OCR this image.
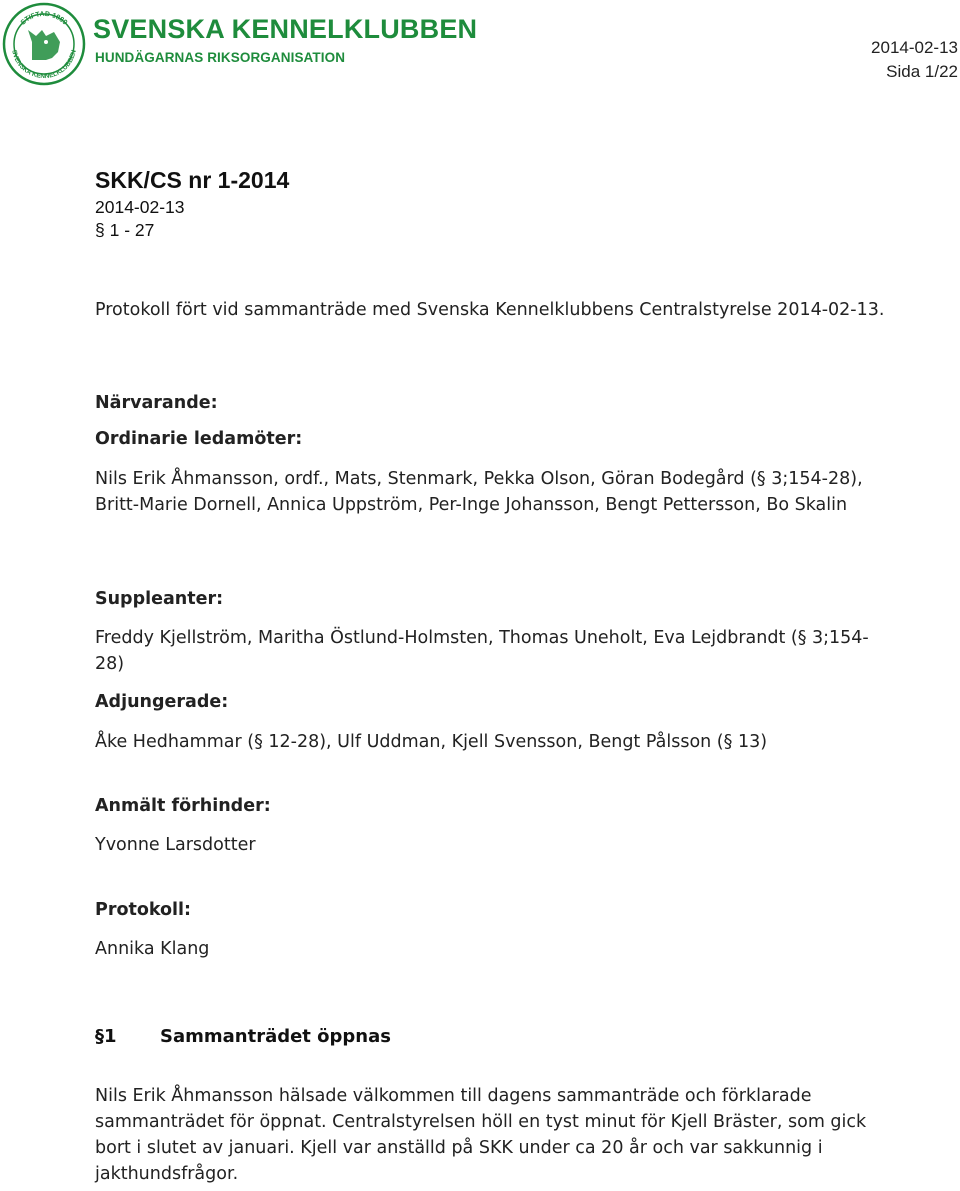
STIFTAD 1889
SVENSKA KENNELKLUBBEN
SVENSKA KENNELKLUBBEN
HUNDÄGARNAS RIKSORGANISATION
2014-02-13
Sida 1/22
SKK/CS nr 1-2014
2014-02-13
§ 1 - 27
Protokoll fört vid sammanträde med Svenska Kennelklubbens Centralstyrelse 2014-02-13.
Närvarande:
Ordinarie ledamöter:
Nils Erik Åhmansson, ordf., Mats, Stenmark, Pekka Olson, Göran Bodegård (§ 3;154-28), Britt-Marie Dornell, Annica Uppström, Per-Inge Johansson, Bengt Pettersson, Bo Skalin
Suppleanter:
Freddy Kjellström, Maritha Östlund-Holmsten, Thomas Uneholt, Eva Lejdbrandt (§ 3;154-28)
Adjungerade:
Åke Hedhammar (§ 12-28), Ulf Uddman, Kjell Svensson, Bengt Pålsson (§ 13)
Anmält förhinder:
Yvonne Larsdotter
Protokoll:
Annika Klang
§1 Sammanträdet öppnas
Nils Erik Åhmansson hälsade välkommen till dagens sammanträde och förklarade sammanträdet för öppnat. Centralstyrelsen höll en tyst minut för Kjell Bräster, som gick bort i slutet av januari. Kjell var anställd på SKK under ca 20 år och var sakkunnig i jakthundsfrågor.
